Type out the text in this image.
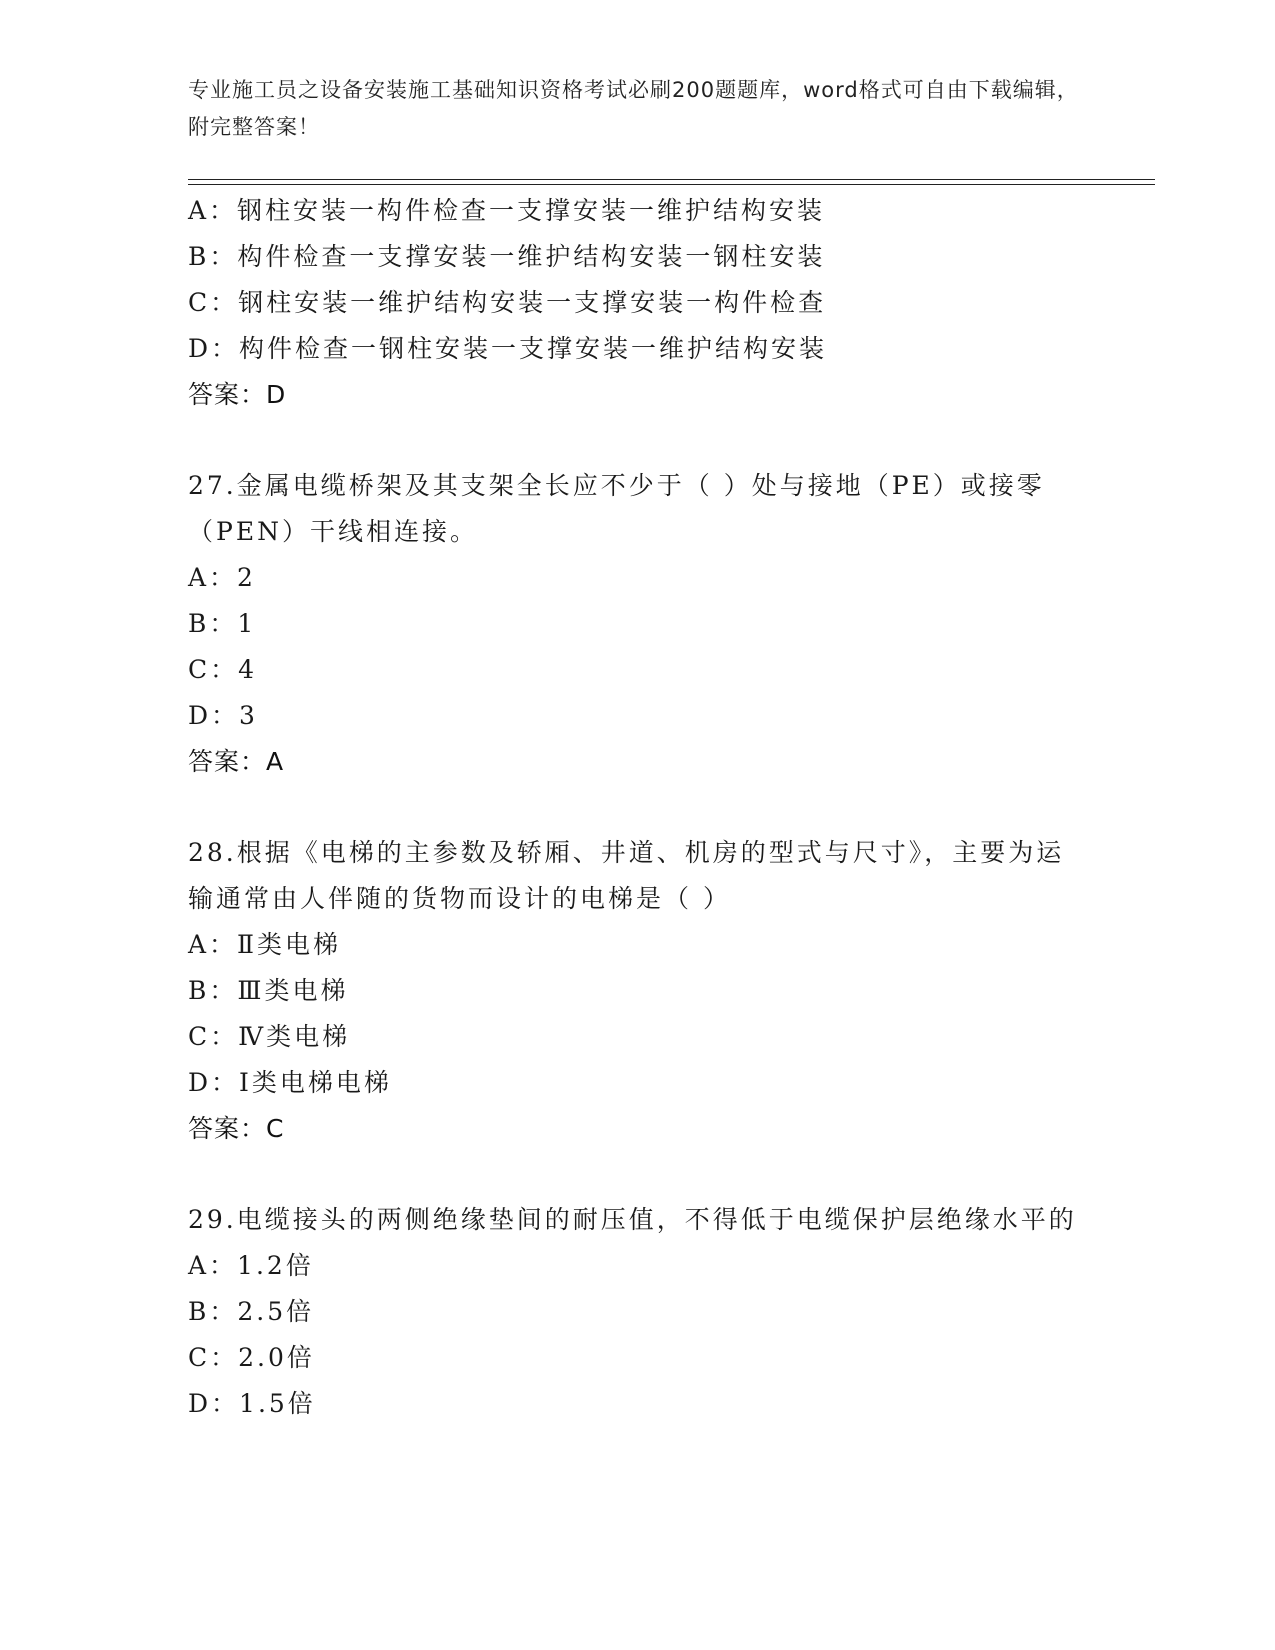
专业施工员之设备安装施工基础知识资格考试必刷200题题库，word格式可自由下载编辑，附完整答案！
A：钢柱安装一构件检查一支撑安装一维护结构安装
B：构件检查一支撑安装一维护结构安装一钢柱安装
C：钢柱安装一维护结构安装一支撑安装一构件检查
D：构件检查一钢柱安装一支撑安装一维护结构安装
答案：D
27.金属电缆桥架及其支架全长应不少于（ ）处与接地（PE）或接零（PEN）干线相连接。
A：2
B：1
C：4
D：3
答案：A
28.根据《电梯的主参数及轿厢、井道、机房的型式与尺寸》，主要为运输通常由人伴随的货物而设计的电梯是（ ）
A：Ⅱ类电梯
B：Ⅲ类电梯
C：Ⅳ类电梯
D：Ⅰ类电梯电梯
答案：C
29.电缆接头的两侧绝缘垫间的耐压值，不得低于电缆保护层绝缘水平的
A：1.2倍
B：2.5倍
C：2.0倍
D：1.5倍
